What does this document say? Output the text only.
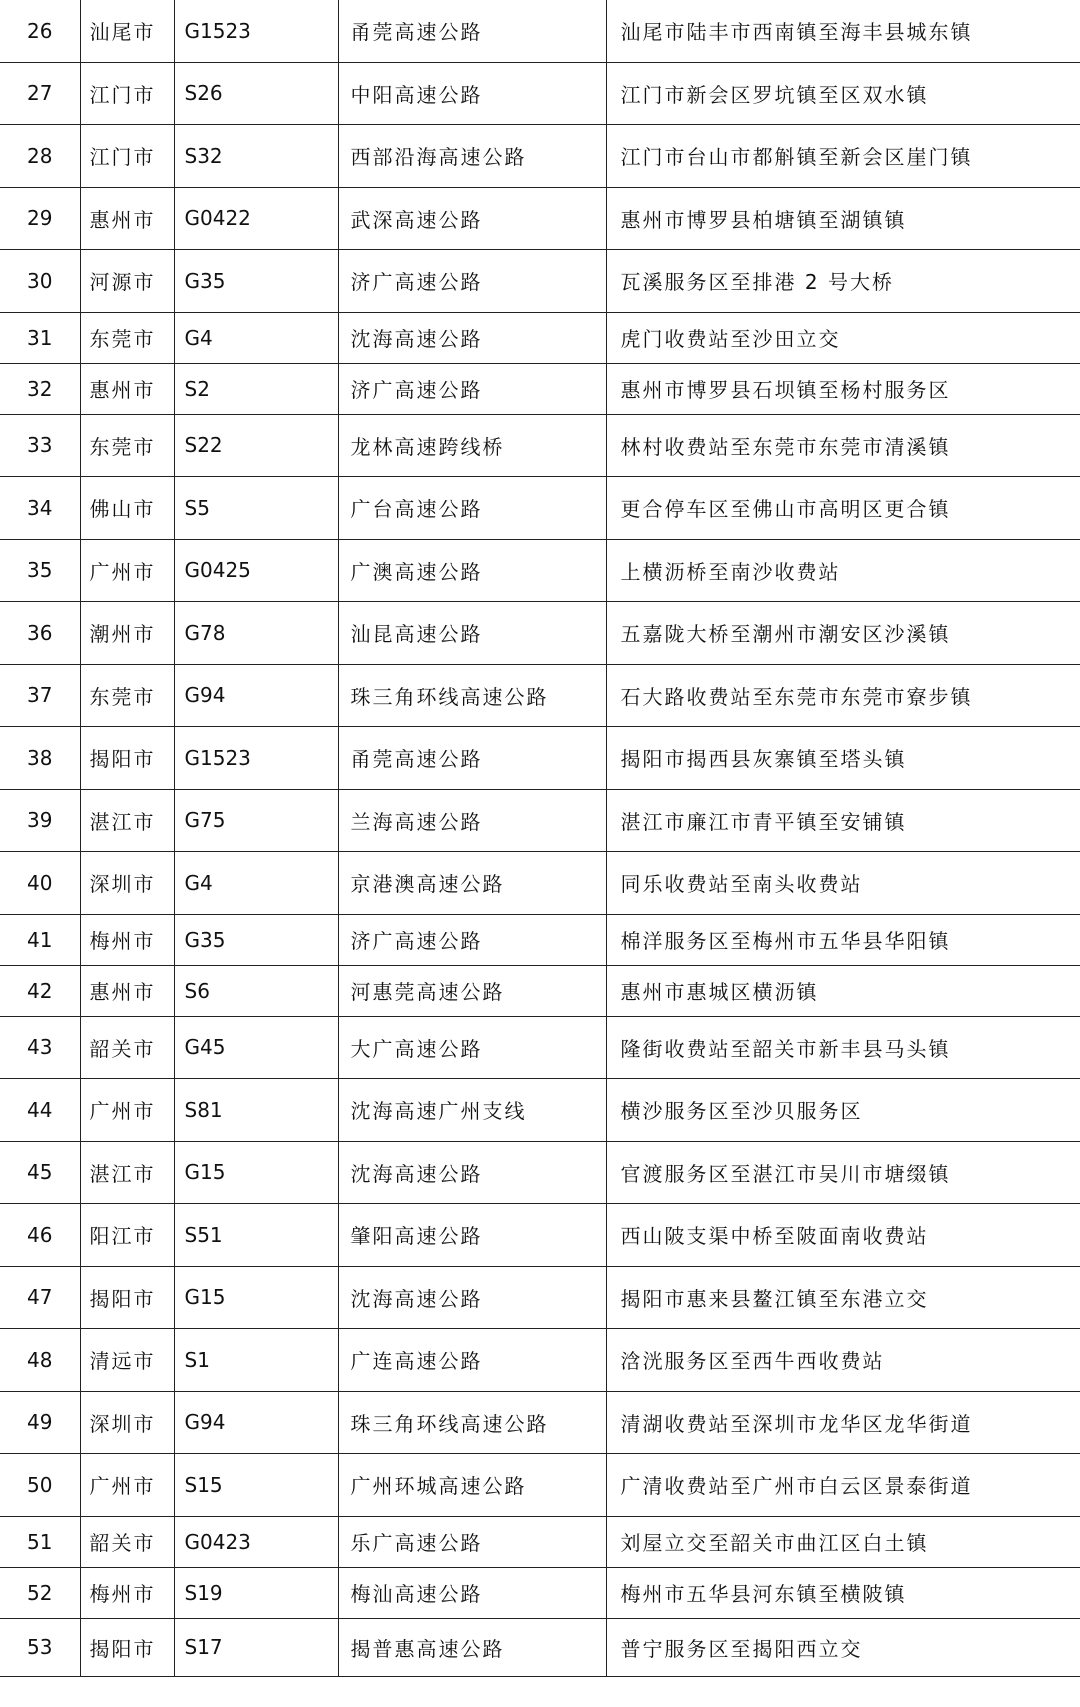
26	汕尾市	G1523	甬莞高速公路	汕尾市陆丰市西南镇至海丰县城东镇
27	江门市	S26	中阳高速公路	江门市新会区罗坑镇至区双水镇
28	江门市	S32	西部沿海高速公路	江门市台山市都斛镇至新会区崖门镇
29	惠州市	G0422	武深高速公路	惠州市博罗县柏塘镇至湖镇镇
30	河源市	G35	济广高速公路	瓦溪服务区至排港 2 号大桥
31	东莞市	G4	沈海高速公路	虎门收费站至沙田立交
32	惠州市	S2	济广高速公路	惠州市博罗县石坝镇至杨村服务区
33	东莞市	S22	龙林高速跨线桥	林村收费站至东莞市东莞市清溪镇
34	佛山市	S5	广台高速公路	更合停车区至佛山市高明区更合镇
35	广州市	G0425	广澳高速公路	上横沥桥至南沙收费站
36	潮州市	G78	汕昆高速公路	五嘉陇大桥至潮州市潮安区沙溪镇
37	东莞市	G94	珠三角环线高速公路	石大路收费站至东莞市东莞市寮步镇
38	揭阳市	G1523	甬莞高速公路	揭阳市揭西县灰寨镇至塔头镇
39	湛江市	G75	兰海高速公路	湛江市廉江市青平镇至安铺镇
40	深圳市	G4	京港澳高速公路	同乐收费站至南头收费站
41	梅州市	G35	济广高速公路	棉洋服务区至梅州市五华县华阳镇
42	惠州市	S6	河惠莞高速公路	惠州市惠城区横沥镇
43	韶关市	G45	大广高速公路	隆街收费站至韶关市新丰县马头镇
44	广州市	S81	沈海高速广州支线	横沙服务区至沙贝服务区
45	湛江市	G15	沈海高速公路	官渡服务区至湛江市吴川市塘缀镇
46	阳江市	S51	肇阳高速公路	西山陂支渠中桥至陂面南收费站
47	揭阳市	G15	沈海高速公路	揭阳市惠来县鳌江镇至东港立交
48	清远市	S1	广连高速公路	浛洸服务区至西牛西收费站
49	深圳市	G94	珠三角环线高速公路	清湖收费站至深圳市龙华区龙华街道
50	广州市	S15	广州环城高速公路	广清收费站至广州市白云区景泰街道
51	韶关市	G0423	乐广高速公路	刘屋立交至韶关市曲江区白土镇
52	梅州市	S19	梅汕高速公路	梅州市五华县河东镇至横陂镇
53	揭阳市	S17	揭普惠高速公路	普宁服务区至揭阳西立交
